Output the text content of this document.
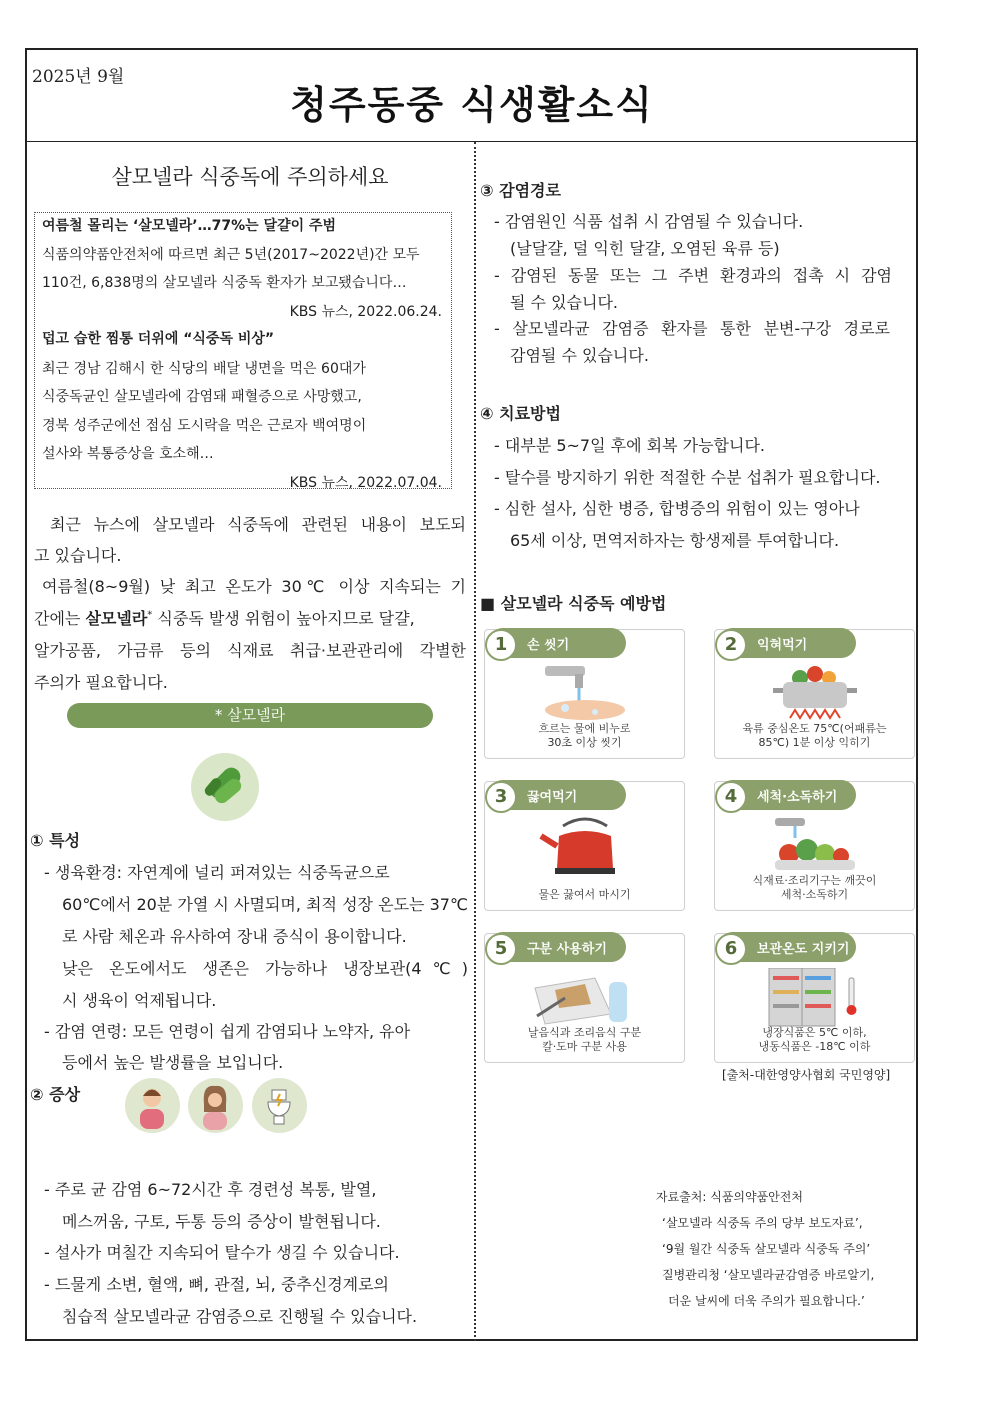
2025년 9월
청주동중 식생활소식
살모넬라 식중독에 주의하세요
여름철 몰리는 ‘살모넬라’…77%는 달걀이 주범
식품의약품안전처에 따르면 최근 5년(2017~2022년)간 모두
110건, 6,838명의 살모넬라 식중독 환자가 보고됐습니다…
KBS 뉴스, 2022.06.24.
덥고 습한 찜통 더위에 “식중독 비상”
최근 경남 김해시 한 식당의 배달 냉면을 먹은 60대가
식중독균인 살모넬라에 감염돼 패혈증으로 사망했고,
경북 성주군에선 점심 도시락을 먹은 근로자 백여명이
설사와 복통증상을 호소해…
KBS 뉴스, 2022.07.04.
최근 뉴스에 살모넬라 식중독에 관련된 내용이 보도되
고 있습니다.
여름철(8~9월) 낮 최고 온도가 30℃ 이상 지속되는 기
간에는 살모넬라* 식중독 발생 위험이 높아지므로 달걀,
알가공품, 가금류 등의 식재료 취급·보관관리에 각별한
주의가 필요합니다.
* 살모넬라
① 특성
- 생육환경: 자연계에 널리 퍼져있는 식중독균으로
60℃에서 20분 가열 시 사멸되며, 최적 성장 온도는 37℃
로 사람 체온과 유사하여 장내 증식이 용이합니다.
낮은 온도에서도 생존은 가능하나 냉장보관(4℃)
시 생육이 억제됩니다.
- 감염 연령: 모든 연령이 쉽게 감염되나 노약자, 유아
등에서 높은 발생률을 보입니다.
② 증상
- 주로 균 감염 6~72시간 후 경련성 복통, 발열,
메스꺼움, 구토, 두통 등의 증상이 발현됩니다.
- 설사가 며칠간 지속되어 탈수가 생길 수 있습니다.
- 드물게 소변, 혈액, 뼈, 관절, 뇌, 중추신경계로의
침습적 살모넬라균 감염증으로 진행될 수 있습니다.
③ 감염경로
- 감염원인 식품 섭취 시 감염될 수 있습니다.
(날달걀, 덜 익힌 달걀, 오염된 육류 등)
- 감염된 동물 또는 그 주변 환경과의 접촉 시 감염
될 수 있습니다.
- 살모넬라균 감염증 환자를 통한 분변-구강 경로로
감염될 수 있습니다.
④ 치료방법
- 대부분 5~7일 후에 회복 가능합니다.
- 탈수를 방지하기 위한 적절한 수분 섭취가 필요합니다.
- 심한 설사, 심한 병증, 합병증의 위험이 있는 영아나
65세 이상, 면역저하자는 항생제를 투여합니다.
■ 살모넬라 식중독 예방법
1	손 씻기
흐르는 물에 비누로
30초 이상 씻기
2	익혀먹기
육류 중심온도 75℃(어패류는
85℃) 1분 이상 익히기
3	끓여먹기
물은 끓여서 마시기
4	세척·소독하기
식재료·조리기구는 깨끗이
세척·소독하기
5	구분 사용하기
날음식과 조리음식 구분
칼·도마 구분 사용
6	보관온도 지키기
냉장식품은 5℃ 이하,
냉동식품은 -18℃ 이하
[출처-대한영양사협회 국민영양]
자료출처: 식품의약품안전처
‘살모넬라 식중독 주의 당부 보도자료’,
‘9월 월간 식중독 살모넬라 식중독 주의’
질병관리청 ‘살모넬라균감염증 바로알기,
더운 날씨에 더욱 주의가 필요합니다.’
